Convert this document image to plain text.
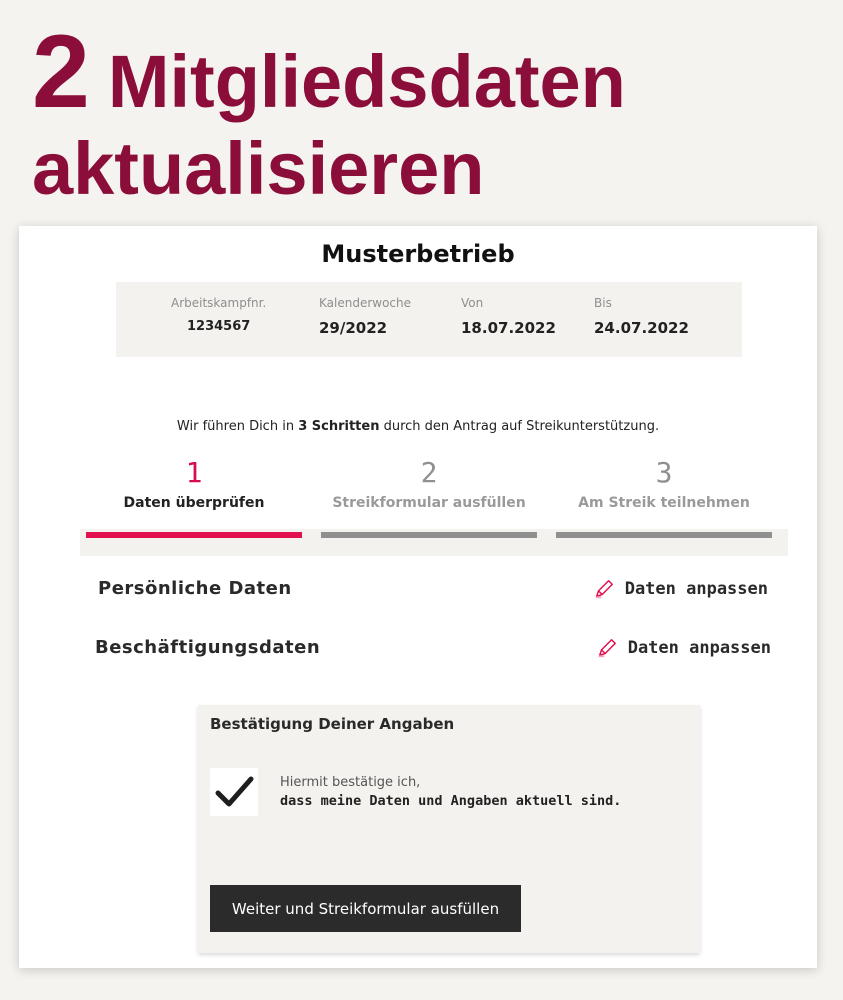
2 Mitgliedsdaten
aktualisieren
Musterbetrieb
Arbeitskampfnr.
1234567
Kalenderwoche
29/2022
Von
18.07.2022
Bis
24.07.2022
Wir führen Dich in 3 Schritten durch den Antrag auf Streikunterstützung.
1
Daten überprüfen
2
Streikformular ausfüllen
3
Am Streik teilnehmen
Persönliche Daten	Daten anpassen
Beschäftigungsdaten	Daten anpassen
Bestätigung Deiner Angaben
Hiermit bestätige ich,
dass meine Daten und Angaben aktuell sind.
Weiter und Streikformular ausfüllen
